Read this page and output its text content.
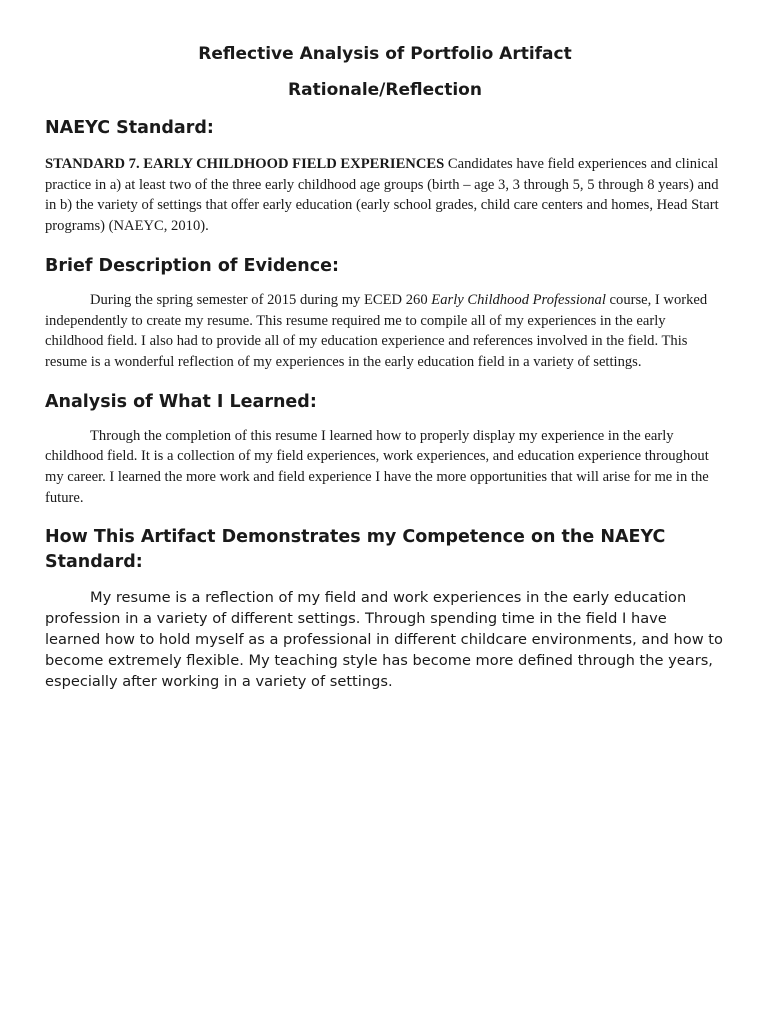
Reflective Analysis of Portfolio Artifact

Rationale/Reflection

NAEYC Standard:

STANDARD 7. EARLY CHILDHOOD FIELD EXPERIENCES Candidates have field experiences and clinical practice in a) at least two of the three early childhood age groups (birth – age 3, 3 through 5, 5 through 8 years) and in b) the variety of settings that offer early education (early school grades, child care centers and homes, Head Start programs) (NAEYC, 2010).

Brief Description of Evidence:

During the spring semester of 2015 during my ECED 260 Early Childhood Professional course, I worked independently to create my resume. This resume required me to compile all of my experiences in the early childhood field. I also had to provide all of my education experience and references involved in the field. This resume is a wonderful reflection of my experiences in the early education field in a variety of settings.

Analysis of What I Learned:

Through the completion of this resume I learned how to properly display my experience in the early childhood field. It is a collection of my field experiences, work experiences, and education experience throughout my career. I learned the more work and field experience I have the more opportunities that will arise for me in the future.

How This Artifact Demonstrates my Competence on the NAEYC Standard:

My resume is a reflection of my field and work experiences in the early education profession in a variety of different settings. Through spending time in the field I have learned how to hold myself as a professional in different childcare environments, and how to become extremely flexible. My teaching style has become more defined through the years, especially after working in a variety of settings.
